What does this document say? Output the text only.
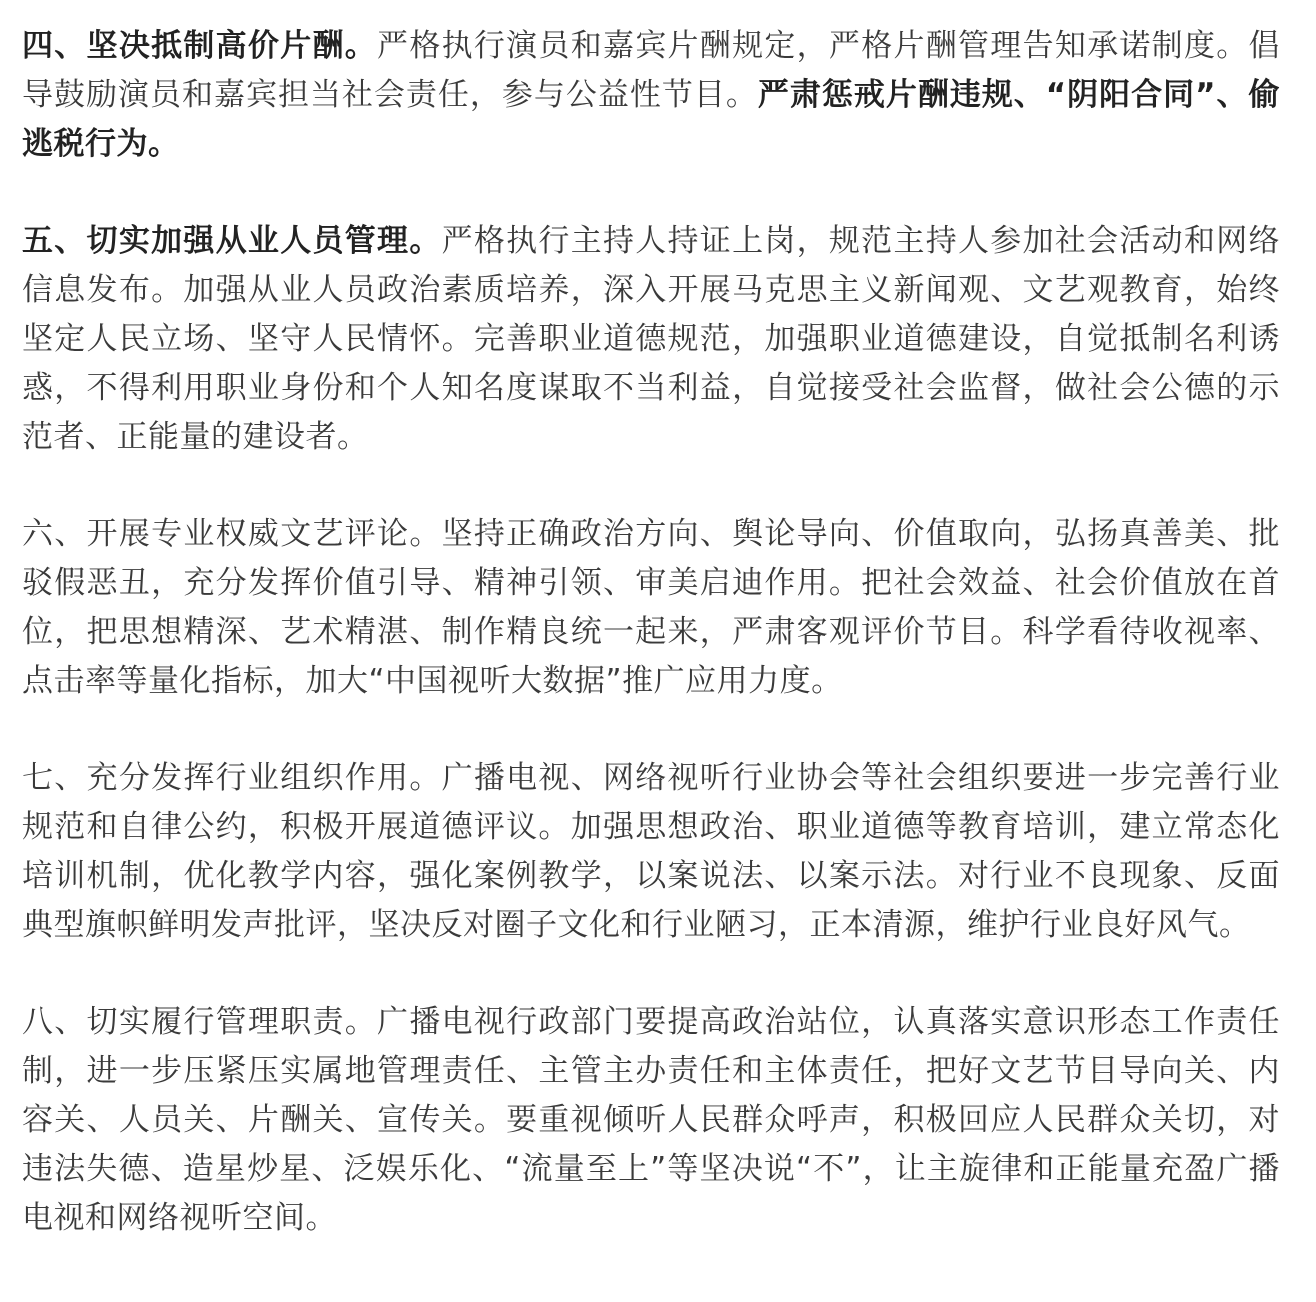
四、坚决抵制高价片酬。严格执行演员和嘉宾片酬规定，严格片酬管理告知承诺制度。倡导鼓励演员和嘉宾担当社会责任，参与公益性节目。严肃惩戒片酬违规、“阴阳合同”、偷逃税行为。

五、切实加强从业人员管理。严格执行主持人持证上岗，规范主持人参加社会活动和网络信息发布。加强从业人员政治素质培养，深入开展马克思主义新闻观、文艺观教育，始终坚定人民立场、坚守人民情怀。完善职业道德规范，加强职业道德建设，自觉抵制名利诱惑，不得利用职业身份和个人知名度谋取不当利益，自觉接受社会监督，做社会公德的示范者、正能量的建设者。

六、开展专业权威文艺评论。坚持正确政治方向、舆论导向、价值取向，弘扬真善美、批驳假恶丑，充分发挥价值引导、精神引领、审美启迪作用。把社会效益、社会价值放在首位，把思想精深、艺术精湛、制作精良统一起来，严肃客观评价节目。科学看待收视率、点击率等量化指标，加大“中国视听大数据”推广应用力度。

七、充分发挥行业组织作用。广播电视、网络视听行业协会等社会组织要进一步完善行业规范和自律公约，积极开展道德评议。加强思想政治、职业道德等教育培训，建立常态化培训机制，优化教学内容，强化案例教学，以案说法、以案示法。对行业不良现象、反面典型旗帜鲜明发声批评，坚决反对圈子文化和行业陋习，正本清源，维护行业良好风气。

八、切实履行管理职责。广播电视行政部门要提高政治站位，认真落实意识形态工作责任制，进一步压紧压实属地管理责任、主管主办责任和主体责任，把好文艺节目导向关、内容关、人员关、片酬关、宣传关。要重视倾听人民群众呼声，积极回应人民群众关切，对违法失德、造星炒星、泛娱乐化、“流量至上”等坚决说“不”，让主旋律和正能量充盈广播电视和网络视听空间。
